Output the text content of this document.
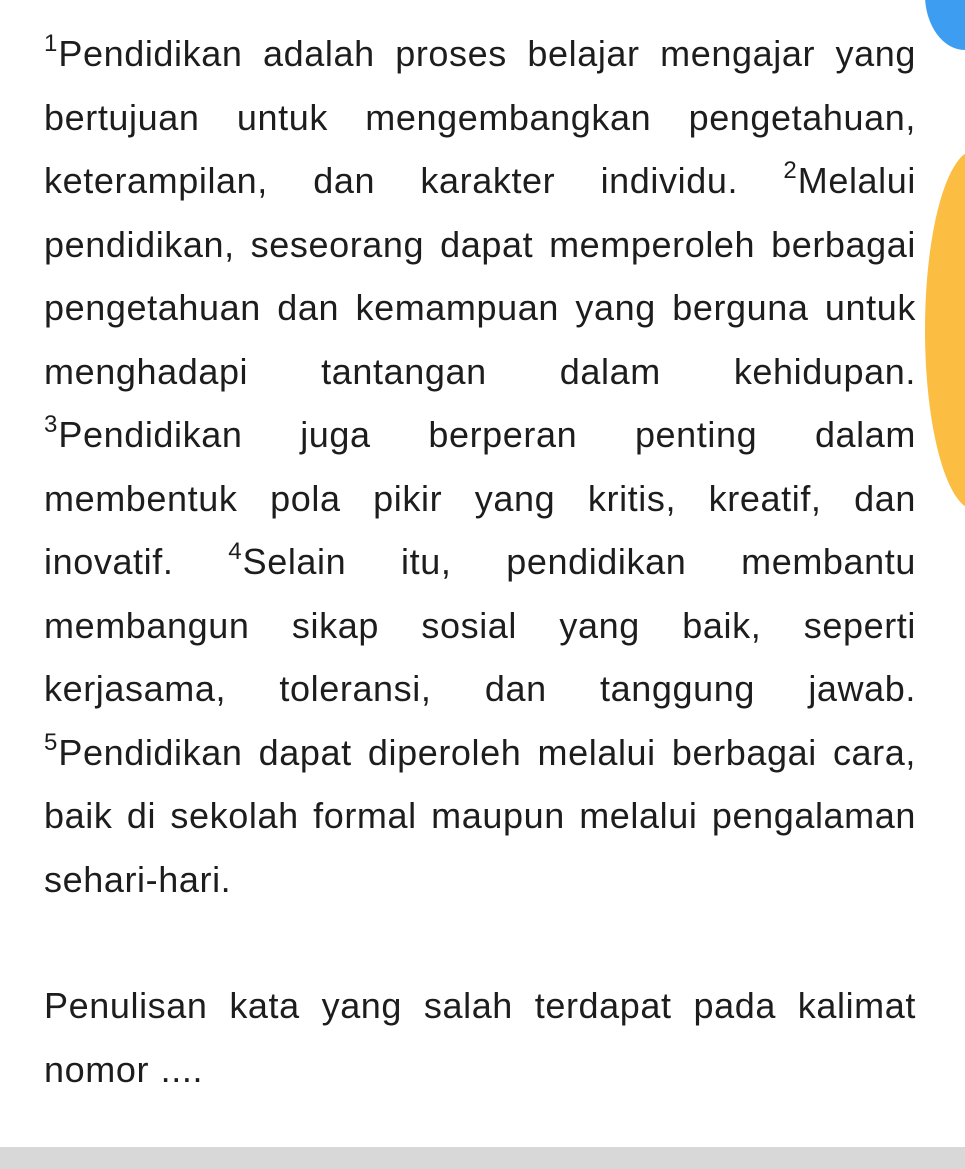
$^1$Pendidikan adalah proses belajar mengajar yang bertujuan untuk mengembangkan pengetahuan, keterampilan, dan karakter individu. $^2$Melalui pendidikan, seseorang dapat memperoleh berbagai pengetahuan dan kemampuan yang berguna untuk menghadapi tantangan dalam kehidupan. $^3$Pendidikan juga berperan penting dalam membentuk pola pikir yang kritis, kreatif, dan inovatif. $^4$Selain itu, pendidikan membantu membangun sikap sosial yang baik, seperti kerjasama, toleransi, dan tanggung jawab. $^5$Pendidikan dapat diperoleh melalui berbagai cara, baik di sekolah formal maupun melalui pengalaman sehari-hari.

Penulisan kata yang salah terdapat pada kalimat nomor ....
